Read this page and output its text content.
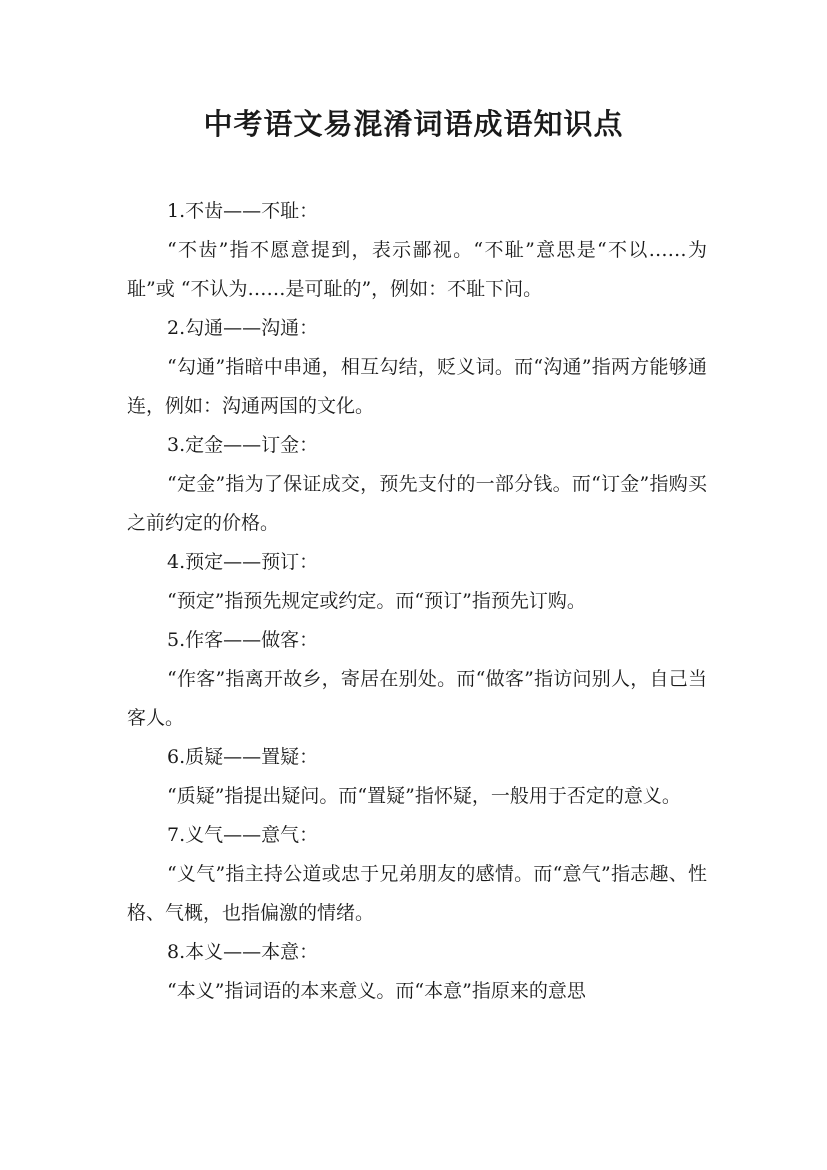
中考语文易混淆词语成语知识点

1.不齿——不耻：

“不齿”指不愿意提到，表示鄙视。“不耻”意思是“不以……为耻”或 “不认为……是可耻的”，例如：不耻下问。

2.勾通——沟通：

“勾通”指暗中串通，相互勾结，贬义词。而“沟通”指两方能够通连，例如：沟通两国的文化。

3.定金——订金：

“定金”指为了保证成交，预先支付的一部分钱。而“订金”指购买之前约定的价格。

4.预定——预订：

“预定”指预先规定或约定。而“预订”指预先订购。

5.作客——做客：

“作客”指离开故乡，寄居在别处。而“做客”指访问别人，自己当客人。

6.质疑——置疑：

“质疑”指提出疑问。而“置疑”指怀疑，一般用于否定的意义。

7.义气——意气：

“义气”指主持公道或忠于兄弟朋友的感情。而“意气”指志趣、性格、气概，也指偏激的情绪。

8.本义——本意：

“本义”指词语的本来意义。而“本意”指原来的意思
